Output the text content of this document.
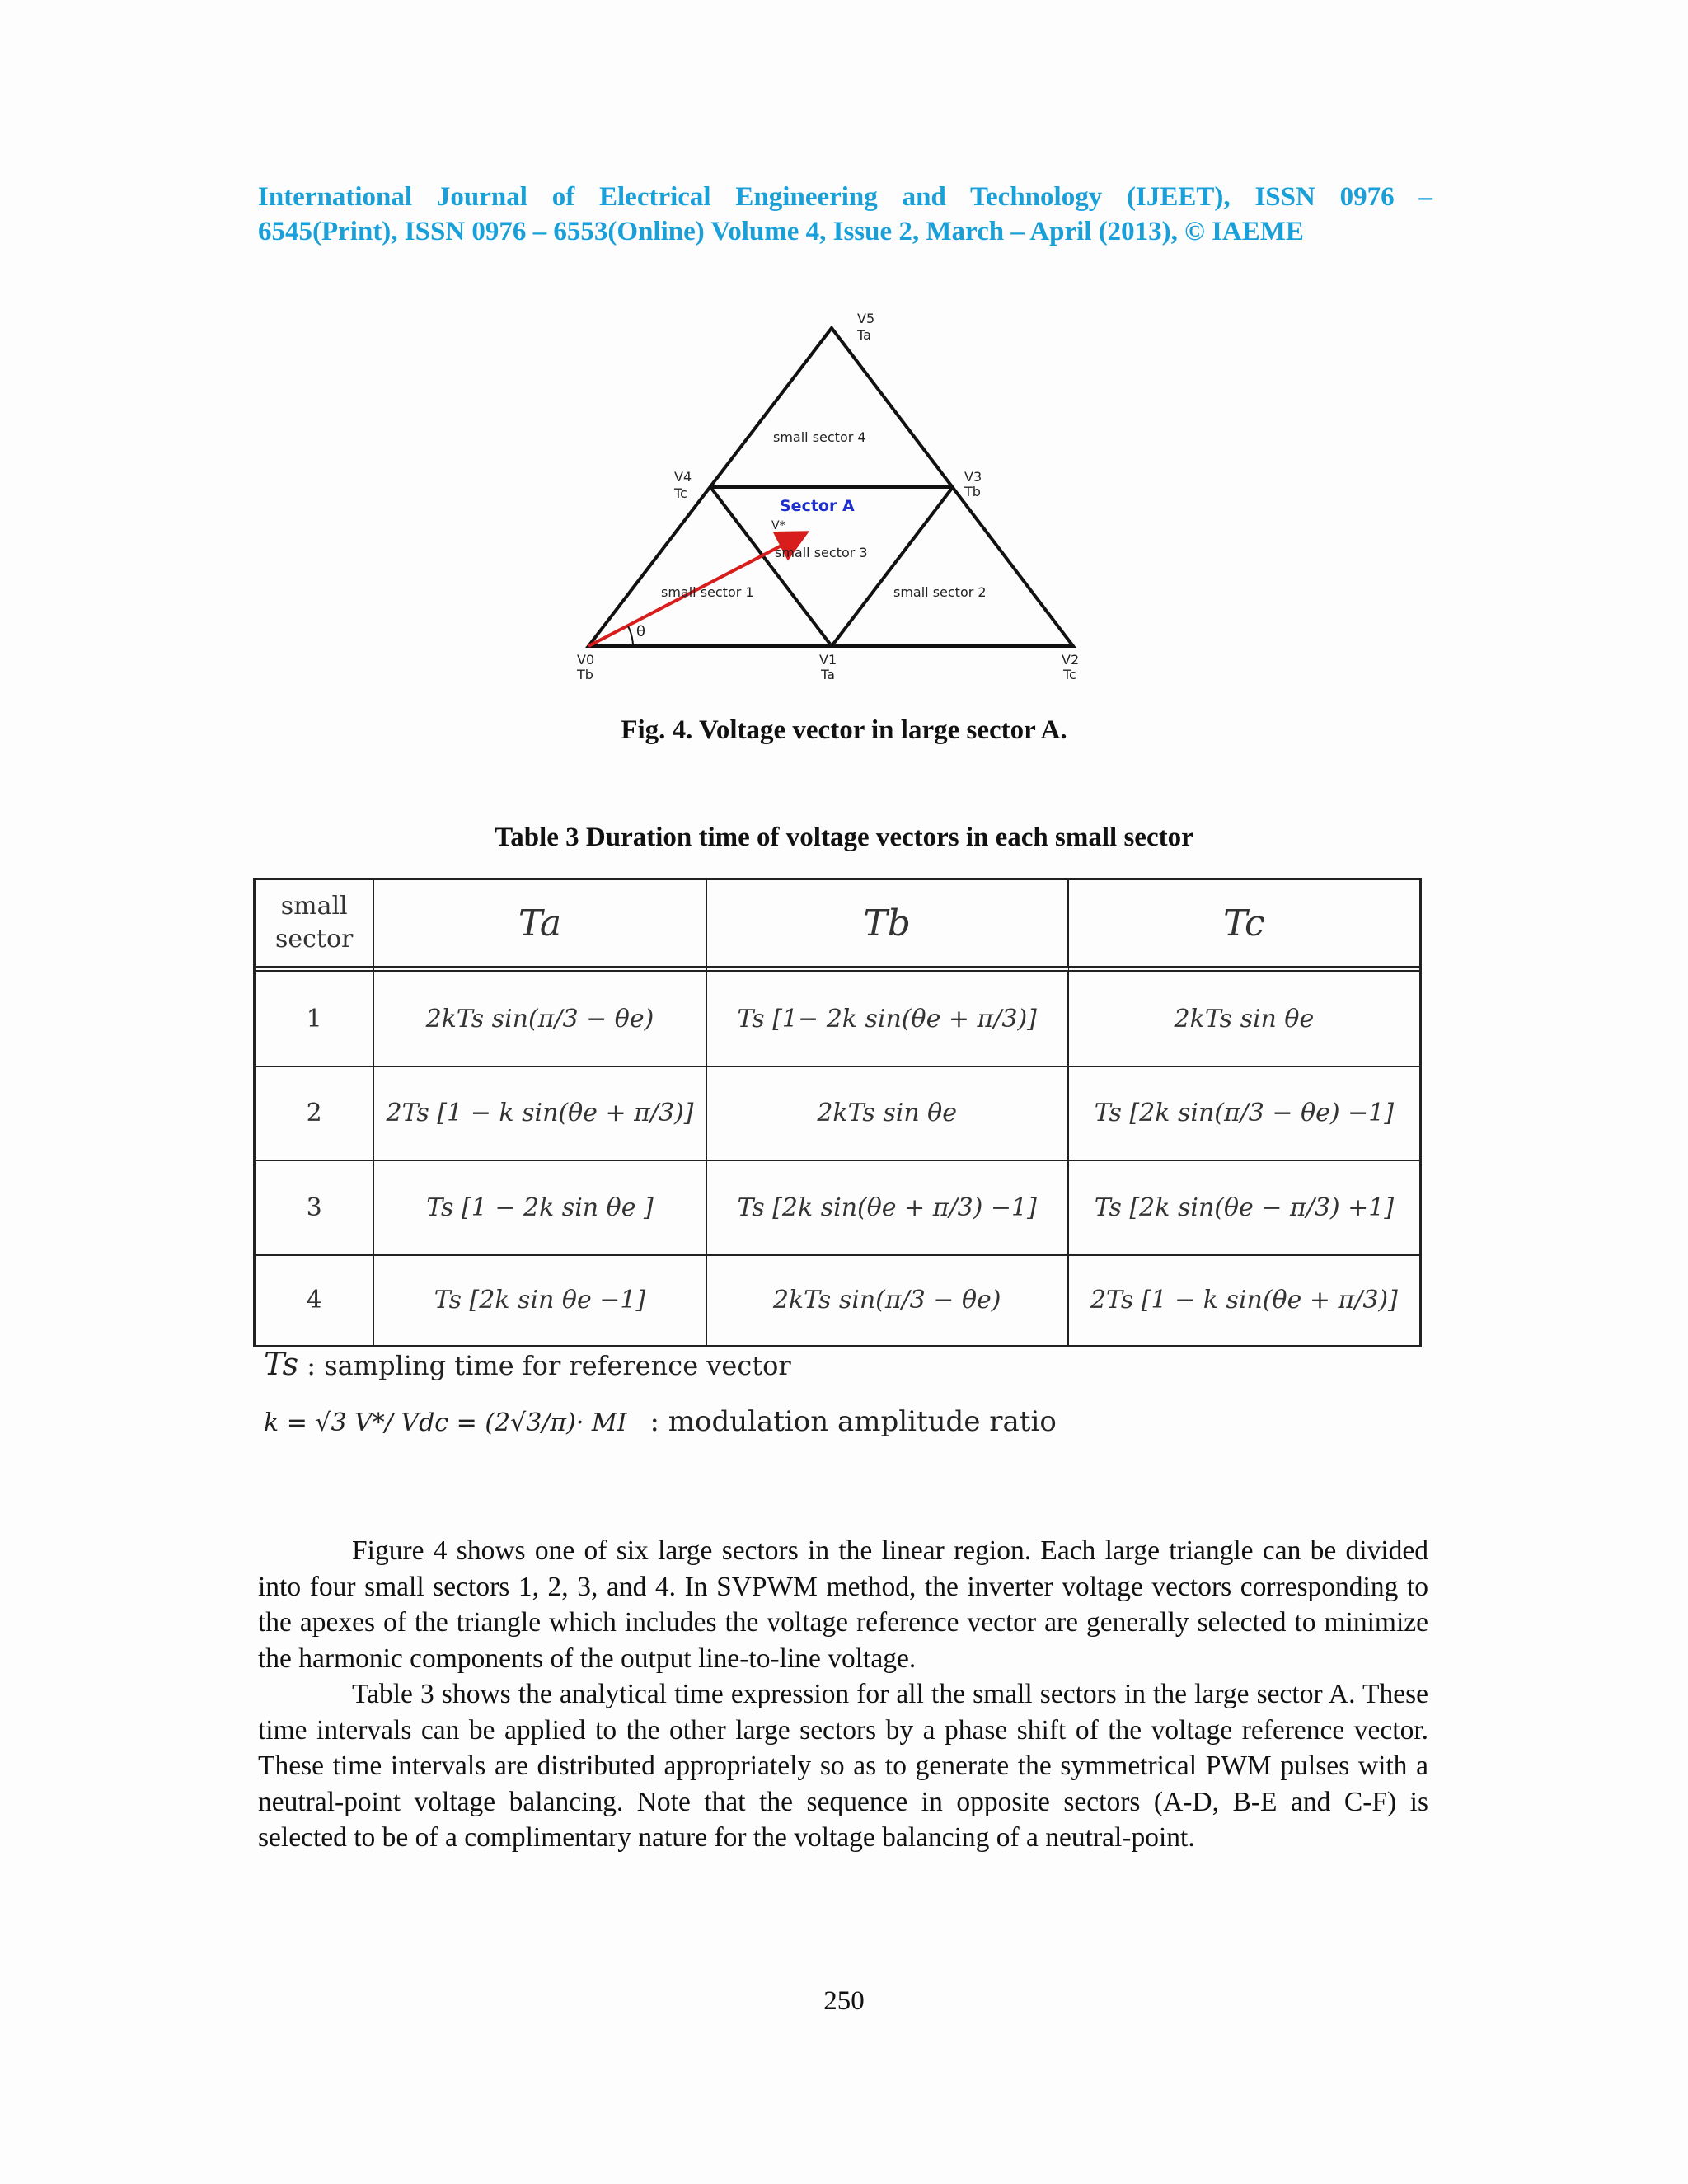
International Journal of Electrical Engineering and Technology (IJEET), ISSN 0976 –
6545(Print), ISSN 0976 – 6553(Online) Volume 4, Issue 2, March – April (2013), © IAEME
V5
Ta
V4
Tc
V3
Tb
V0
Tb
V1
Ta
V2
Tc
small sector 4
small sector 3
small sector 1	small sector 2
V*
θ
Sector A
Fig. 4. Voltage vector in large sector A.
Table 3 Duration time of voltage vectors in each small sector
small
sector	Ta	Tb	Tc
1	2kTs sin(π/3 − θe)	Ts [1− 2k sin(θe + π/3)]	2kTs sin θe
2	2Ts [1 − k sin(θe + π/3)]	2kTs sin θe	Ts [2k sin(π/3 − θe) −1]
3	Ts [1 − 2k sin θe ]	Ts [2k sin(θe + π/3) −1]	Ts [2k sin(θe − π/3) +1]
4	Ts [2k sin θe −1]	2kTs sin(π/3 − θe)	2Ts [1 − k sin(θe + π/3)]
Ts : sampling time for reference vector
k = √3 V*/ Vdc = (2√3/π)· MI : modulation amplitude ratio

Figure 4 shows one of six large sectors in the linear region. Each large triangle can be divided into four small sectors 1, 2, 3, and 4. In SVPWM method, the inverter voltage vectors corresponding to the apexes of the triangle which includes the voltage reference vector are generally selected to minimize the harmonic components of the output line-to-line voltage.

Table 3 shows the analytical time expression for all the small sectors in the large sector A. These time intervals can be applied to the other large sectors by a phase shift of the voltage reference vector. These time intervals are distributed appropriately so as to generate the symmetrical PWM pulses with a neutral-point voltage balancing. Note that the sequence in opposite sectors (A-D, B-E and C-F) is selected to be of a complimentary nature for the voltage balancing of a neutral-point.

250
